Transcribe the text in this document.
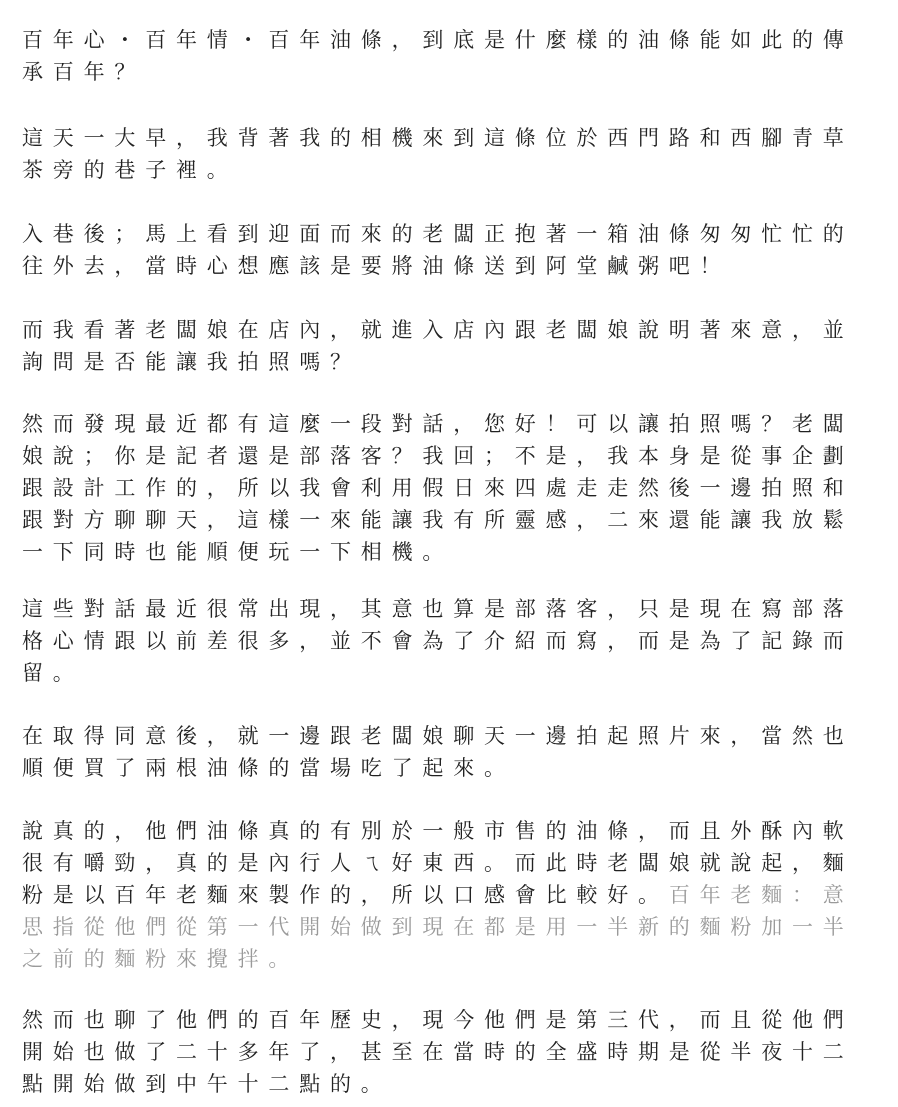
百年心・百年情・百年油條，到底是什麼樣的油條能如此的傳承百年？

這天一大早，我背著我的相機來到這條位於西門路和西腳青草茶旁的巷子裡。

入巷後；馬上看到迎面而來的老闆正抱著一箱油條匆匆忙忙的往外去，當時心想應該是要將油條送到阿堂鹹粥吧！

而我看著老闆娘在店內，就進入店內跟老闆娘說明著來意，並詢問是否能讓我拍照嗎？

然而發現最近都有這麼一段對話，您好！可以讓拍照嗎？老闆娘說；你是記者還是部落客？我回；不是，我本身是從事企劃跟設計工作的，所以我會利用假日來四處走走然後一邊拍照和跟對方聊聊天，這樣一來能讓我有所靈感，二來還能讓我放鬆一下同時也能順便玩一下相機。

這些對話最近很常出現，其意也算是部落客，只是現在寫部落格心情跟以前差很多，並不會為了介紹而寫，而是為了記錄而留。

在取得同意後，就一邊跟老闆娘聊天一邊拍起照片來，當然也順便買了兩根油條的當場吃了起來。

說真的，他們油條真的有別於一般市售的油條，而且外酥內軟很有嚼勁，真的是內行人ㄟ好東西。而此時老闆娘就說起，麵粉是以百年老麵來製作的，所以口感會比較好。百年老麵：意思指從他們從第一代開始做到現在都是用一半新的麵粉加一半之前的麵粉來攪拌。

然而也聊了他們的百年歷史，現今他們是第三代，而且從他們開始也做了二十多年了，甚至在當時的全盛時期是從半夜十二點開始做到中午十二點的。
